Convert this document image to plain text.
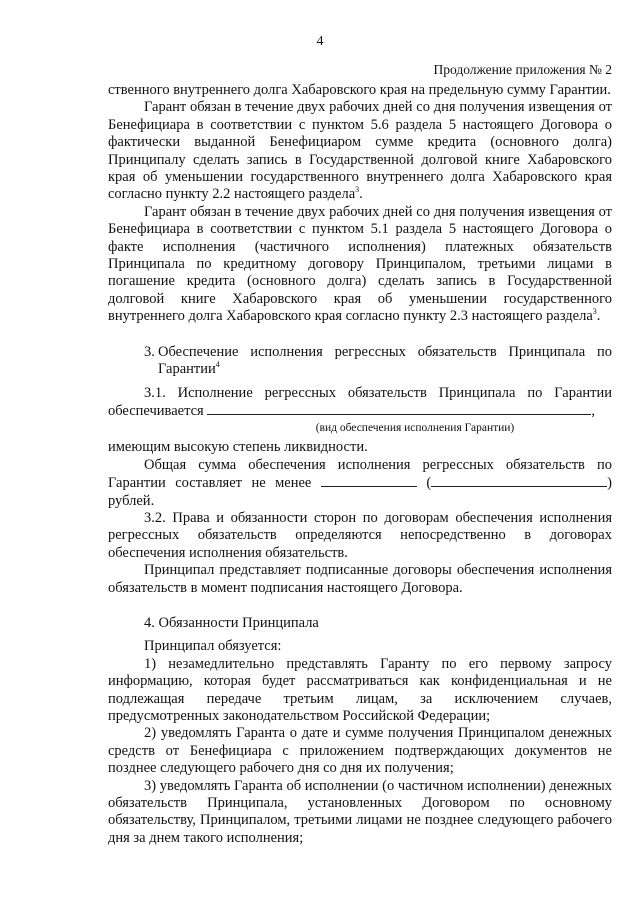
4
Продолжение приложения № 2

ственного внутреннего долга Хабаровского края на предельную сумму Гарантии.

Гарант обязан в течение двух рабочих дней со дня получения извещения от Бенефициара в соответствии с пунктом 5.6 раздела 5 настоящего Договора о фактически выданной Бенефициаром сумме кредита (основного долга) Принципалу сделать запись в Государственной долговой книге Хабаровского края об уменьшении государственного внутреннего долга Хабаровского края согласно пункту 2.2 настоящего раздела$^3$.

Гарант обязан в течение двух рабочих дней со дня получения извещения от Бенефициара в соответствии с пунктом 5.1 раздела 5 настоящего Договора о факте исполнения (частичного исполнения) платежных обязательств Принципала по кредитному договору Принципалом, третьими лицами в погашение кредита (основного долга) сделать запись в Государственной долговой книге Хабаровского края об уменьшении государственного внутреннего долга Хабаровского края согласно пункту 2.3 настоящего раздела$^3$.

3. Обеспечение исполнения регрессных обязательств Принципала по Гарантии$^4$

3.1. Исполнение регрессных обязательств Принципала по Гарантии обеспечивается	,

(вид обеспечения исполнения Гарантии)

имеющим высокую степень ликвидности.

Общая сумма обеспечения исполнения регрессных обязательств по Гарантии составляет не менее	(	) рублей.

3.2. Права и обязанности сторон по договорам обеспечения исполнения регрессных обязательств определяются непосредственно в договорах обеспечения исполнения обязательств.

Принципал представляет подписанные договоры обеспечения исполнения обязательств в момент подписания настоящего Договора.

4. Обязанности Принципала

Принципал обязуется:

1) незамедлительно представлять Гаранту по его первому запросу информацию, которая будет рассматриваться как конфиденциальная и не подлежащая передаче третьим лицам, за исключением случаев, предусмотренных законодательством Российской Федерации;

2) уведомлять Гаранта о дате и сумме получения Принципалом денежных средств от Бенефициара с приложением подтверждающих документов не позднее следующего рабочего дня со дня их получения;

3) уведомлять Гаранта об исполнении (о частичном исполнении) денежных обязательств Принципала, установленных Договором по основному обязательству, Принципалом, третьими лицами не позднее следующего рабочего дня за днем такого исполнения;
